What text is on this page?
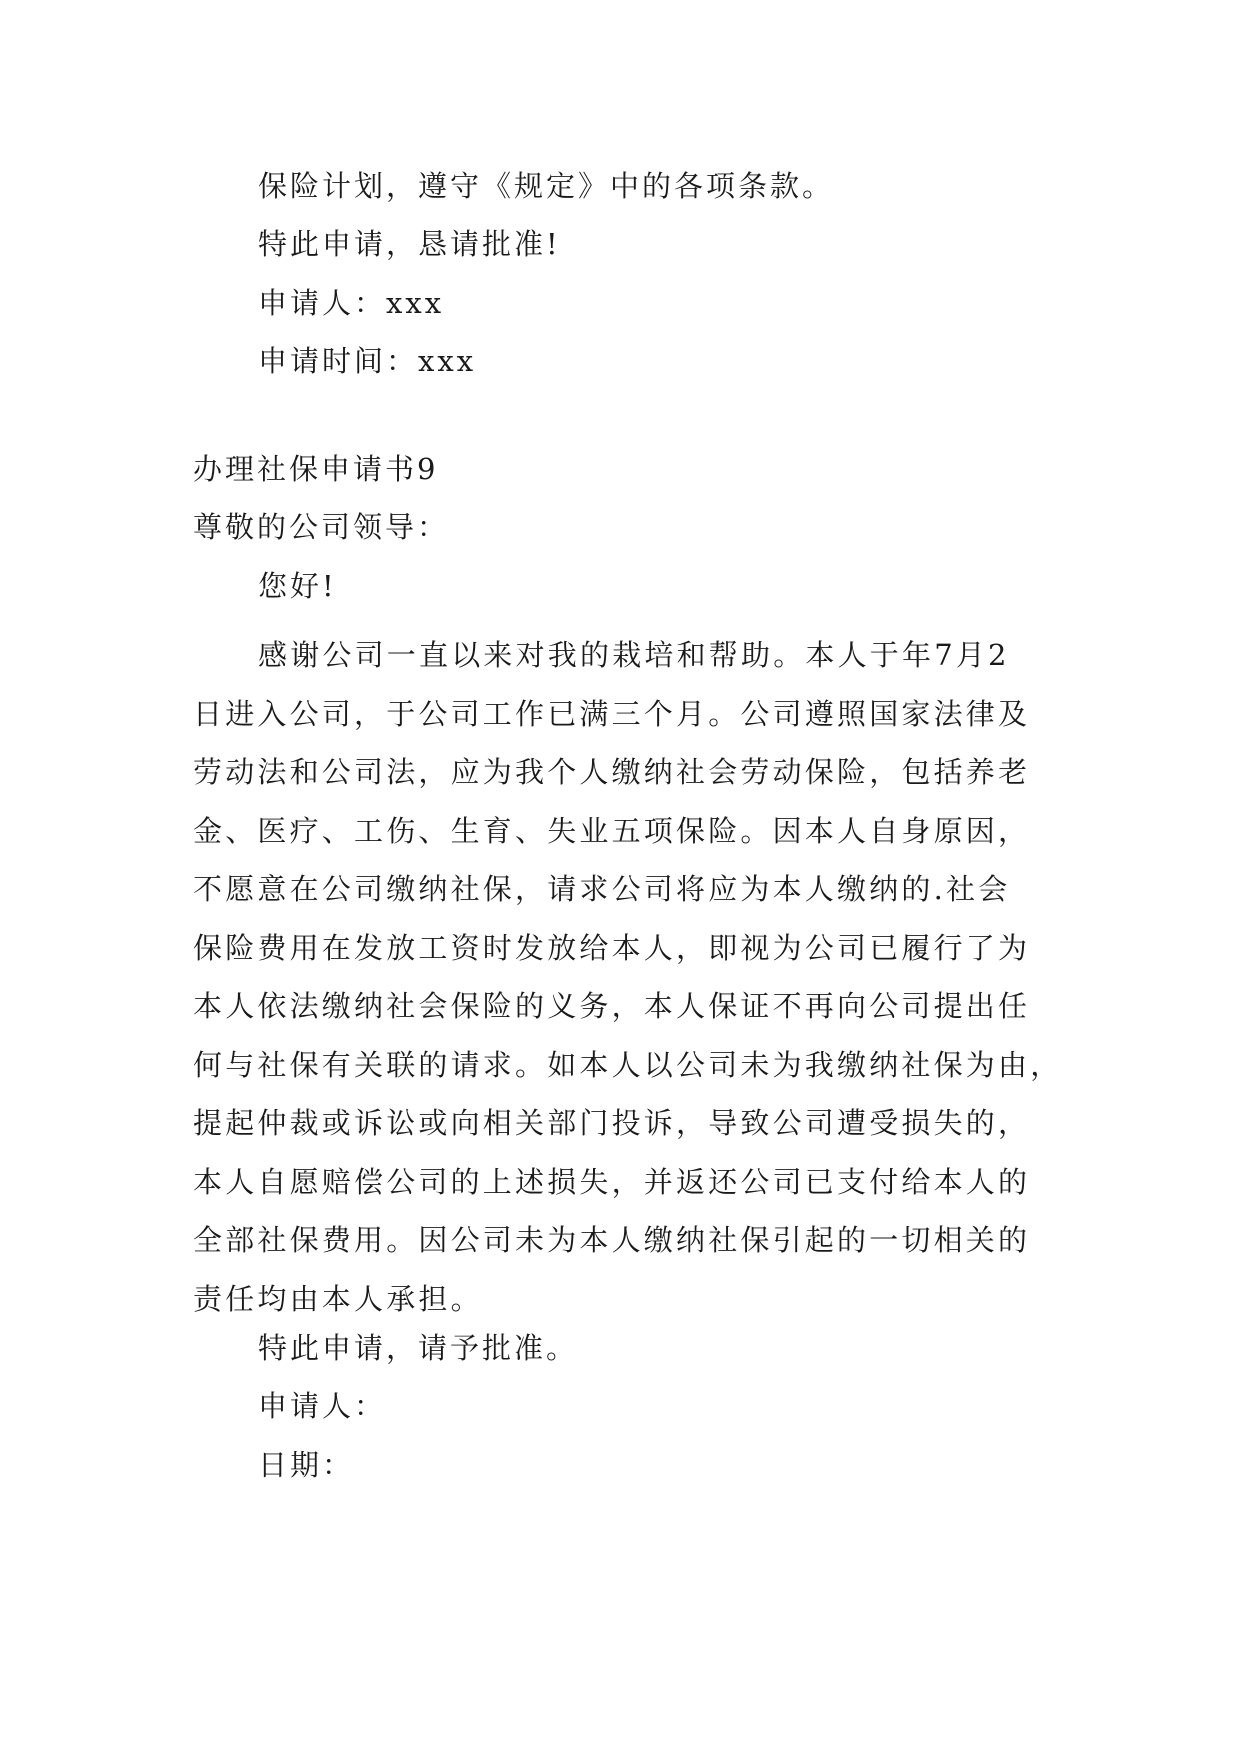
保险计划，遵守《规定》中的各项条款。

特此申请，恳请批准!

申请人：xxx

申请时间：xxx

办理社保申请书9

尊敬的公司领导：

您好!

感谢公司一直以来对我的栽培和帮助。本人于年7月2
日进入公司，于公司工作已满三个月。公司遵照国家法律及
劳动法和公司法，应为我个人缴纳社会劳动保险，包括养老
金、医疗、工伤、生育、失业五项保险。因本人自身原因，
不愿意在公司缴纳社保，请求公司将应为本人缴纳的.社会
保险费用在发放工资时发放给本人，即视为公司已履行了为
本人依法缴纳社会保险的义务，本人保证不再向公司提出任
何与社保有关联的请求。如本人以公司未为我缴纳社保为由，
提起仲裁或诉讼或向相关部门投诉，导致公司遭受损失的，
本人自愿赔偿公司的上述损失，并返还公司已支付给本人的
全部社保费用。因公司未为本人缴纳社保引起的一切相关的
责任均由本人承担。

特此申请，请予批准。

申请人：

日期：
